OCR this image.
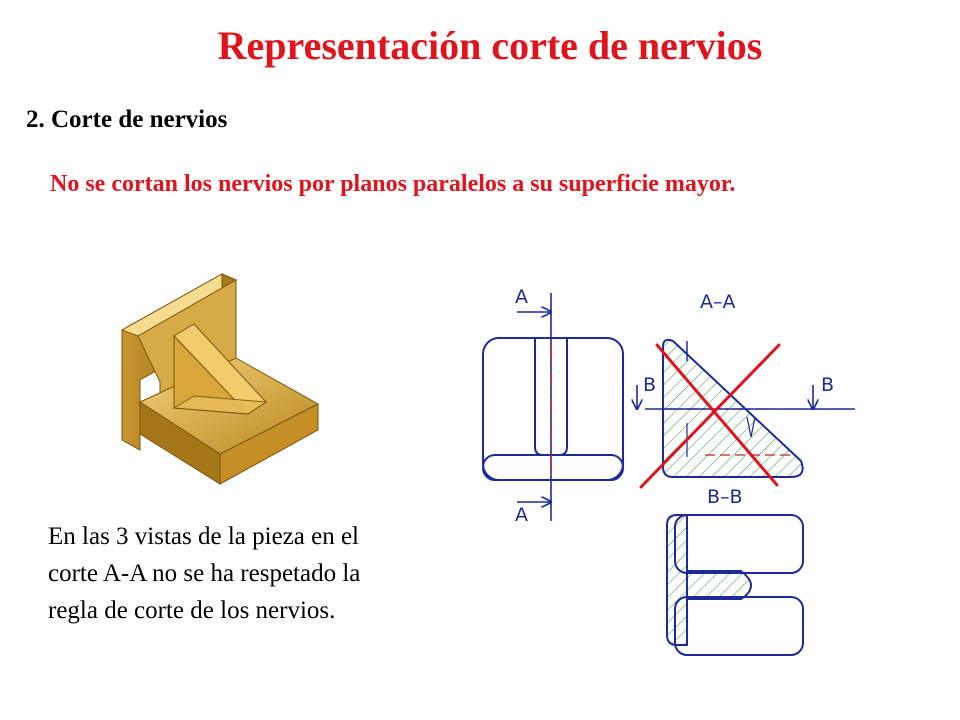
Representación corte de nervios
2. Corte de nervios

No se cortan los nervios por planos paralelos a su superficie mayor.

En las 3 vistas de la pieza en el corte A-A no se ha respetado la regla de corte de los nervios.

A
A
A–A
B	B
B–B
